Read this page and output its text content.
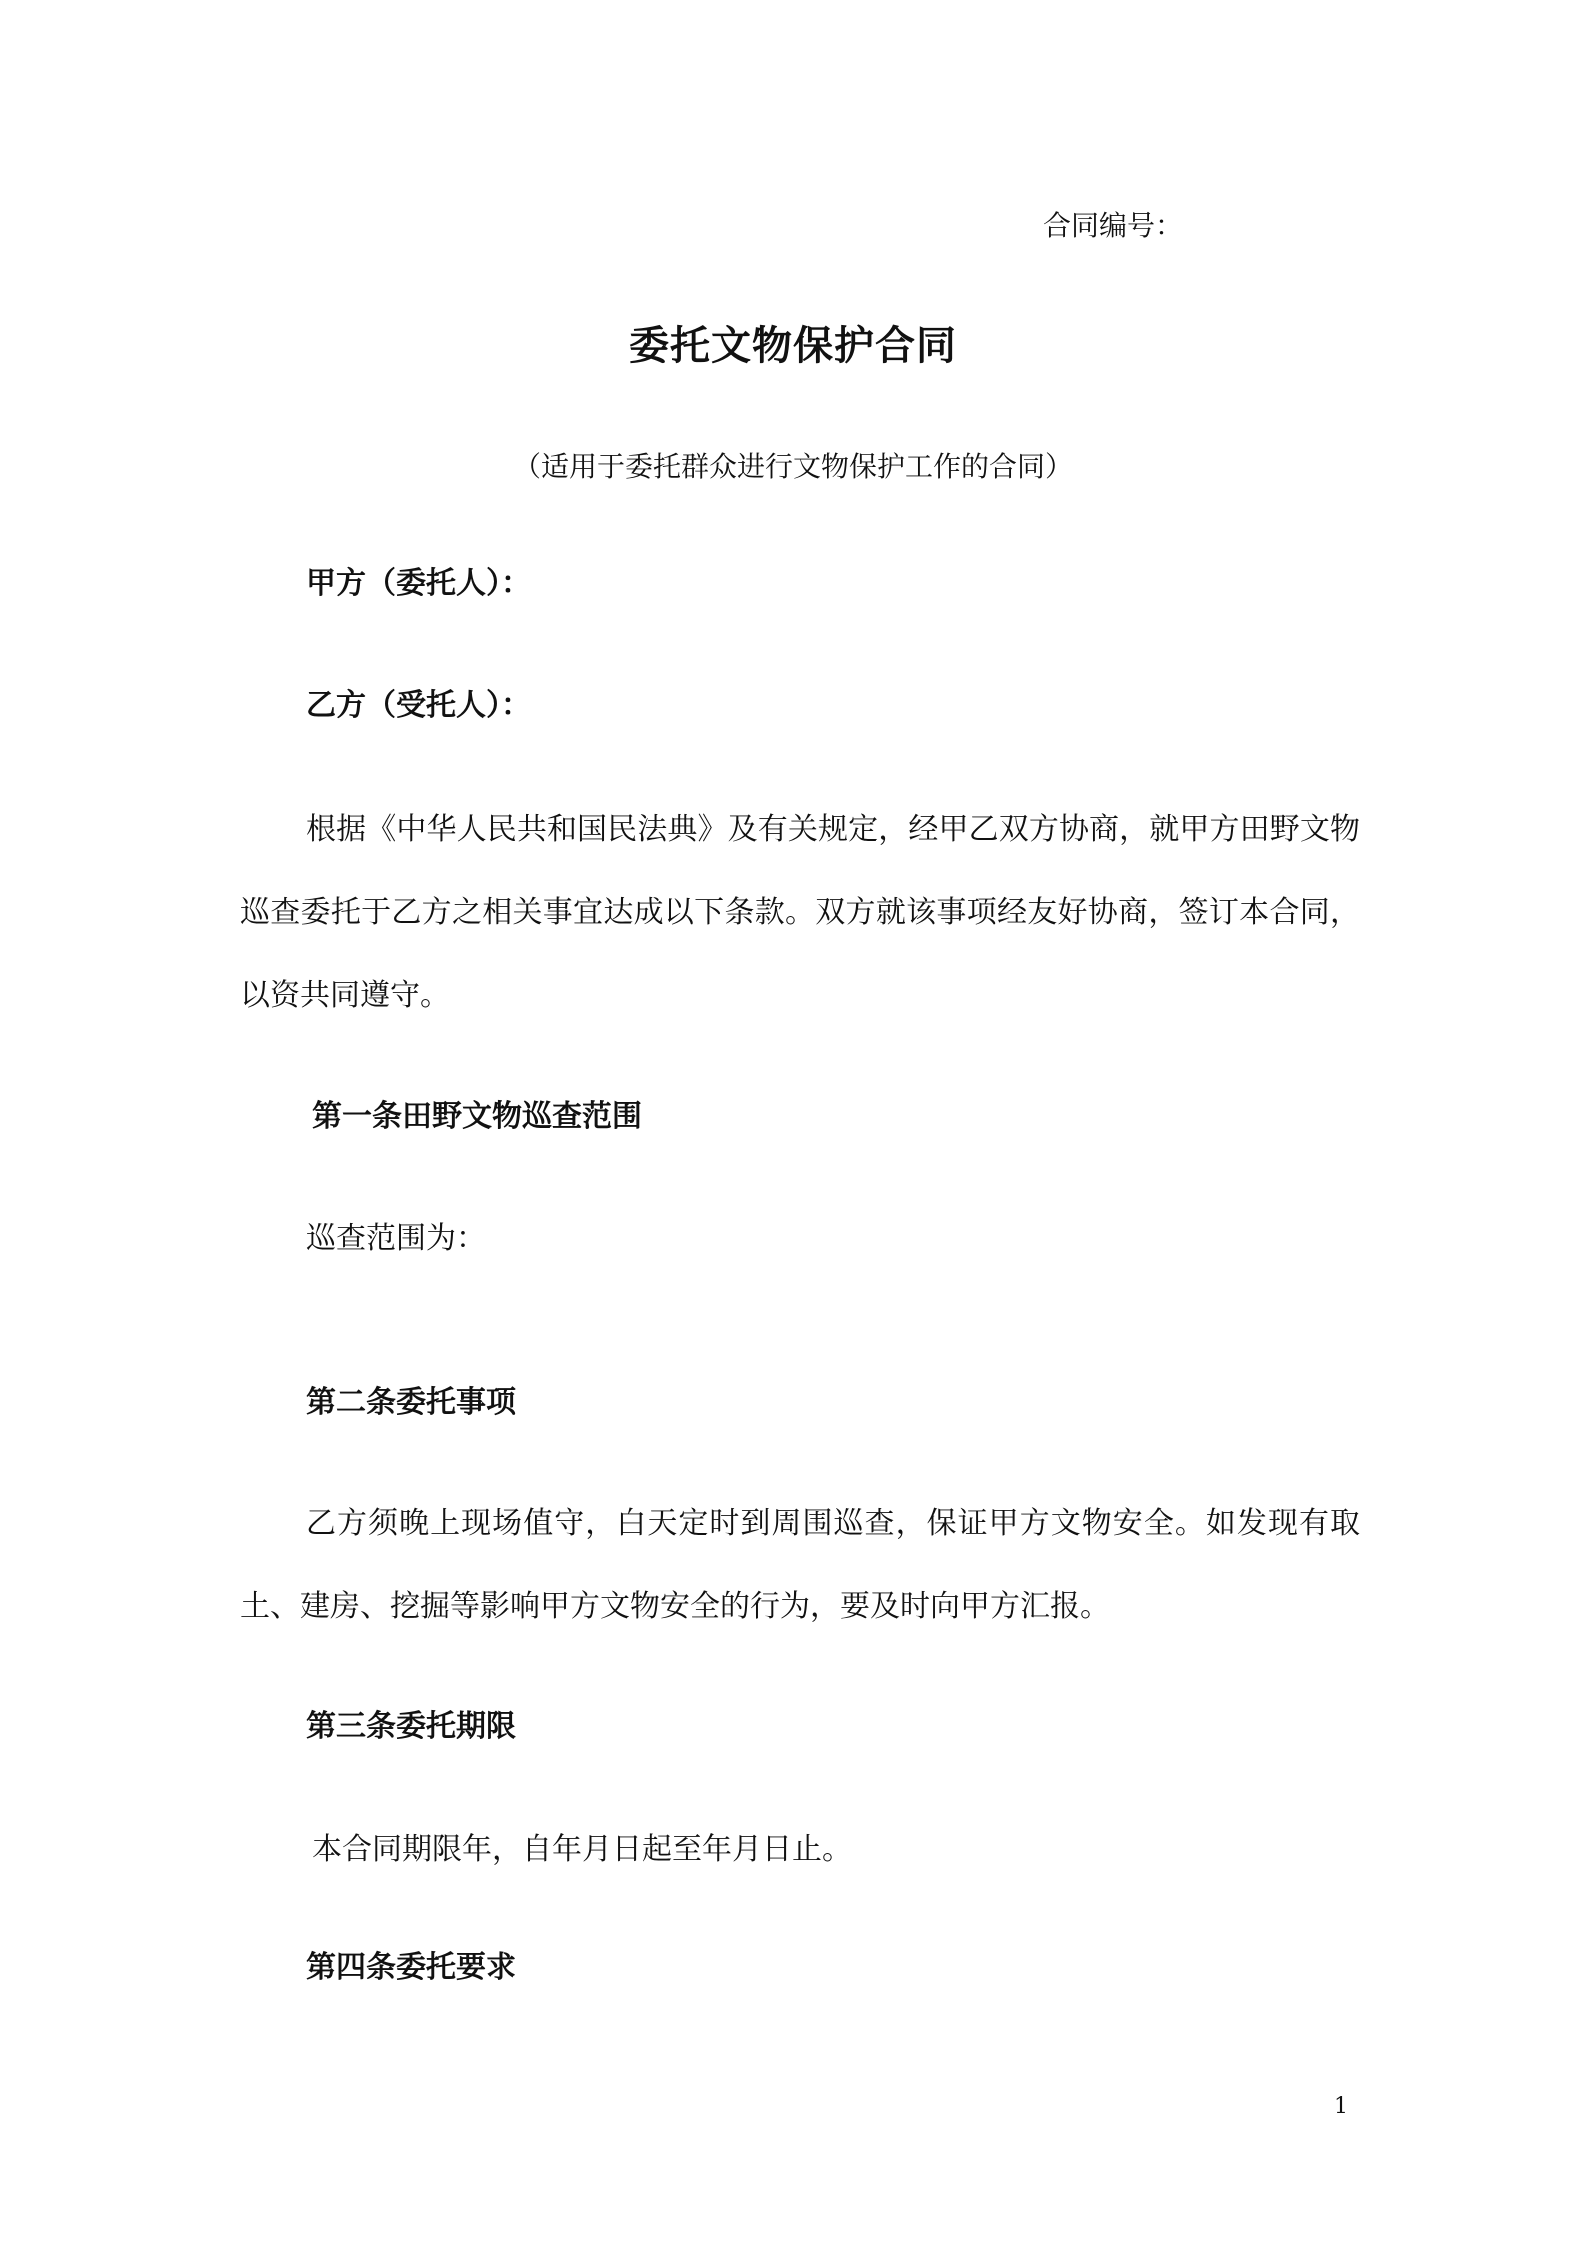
合同编号：
委托文物保护合同
（适用于委托群众进行文物保护工作的合同）
甲方（委托人）：
乙方（受托人）：
根据《中华人民共和国民法典》及有关规定，经甲乙双方协商，就甲方田野文物巡查委托于乙方之相关事宜达成以下条款。双方就该事项经友好协商，签订本合同，以资共同遵守。
第一条田野文物巡查范围
巡查范围为：
第二条委托事项
乙方须晚上现场值守，白天定时到周围巡查，保证甲方文物安全。如发现有取土、建房、挖掘等影响甲方文物安全的行为，要及时向甲方汇报。
第三条委托期限
本合同期限年，自年月日起至年月日止。
第四条委托要求
1
